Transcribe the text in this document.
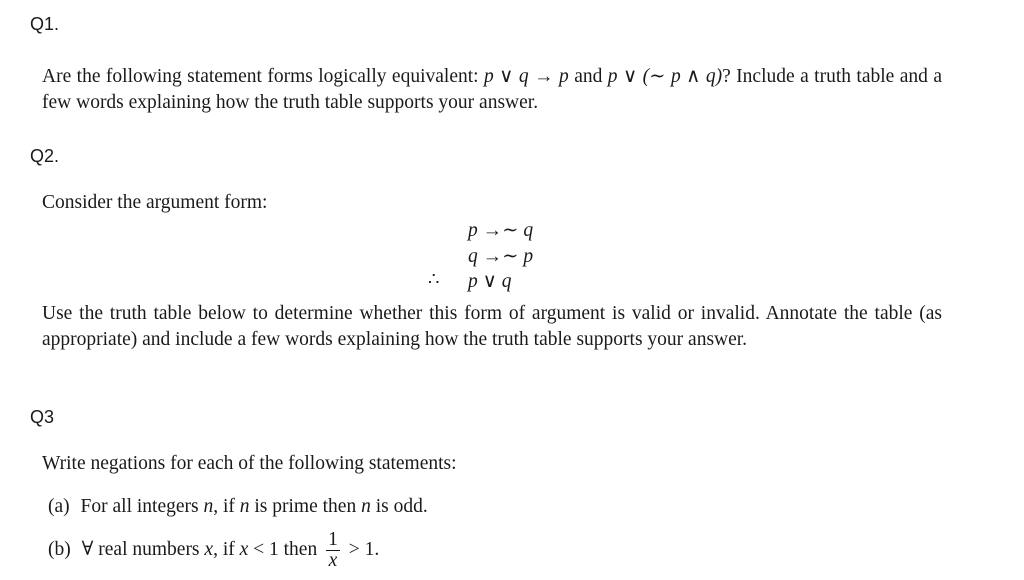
Q1.
Are the following statement forms logically equivalent: p ∨ q → p and p ∨ (∼ p ∧ q)? Include a truth table and a few words explaining how the truth table supports your answer.
Q2.
Consider the argument form:
p →∼ q
q →∼ p
∴ p ∨ q
Use the truth table below to determine whether this form of argument is valid or invalid. Annotate the table (as appropriate) and include a few words explaining how the truth table supports your answer.
Q3
Write negations for each of the following statements:
(a) For all integers n, if n is prime then n is odd.
(b) ∀ real numbers x, if x < 1 then $\frac{1}{x} > 1$.
